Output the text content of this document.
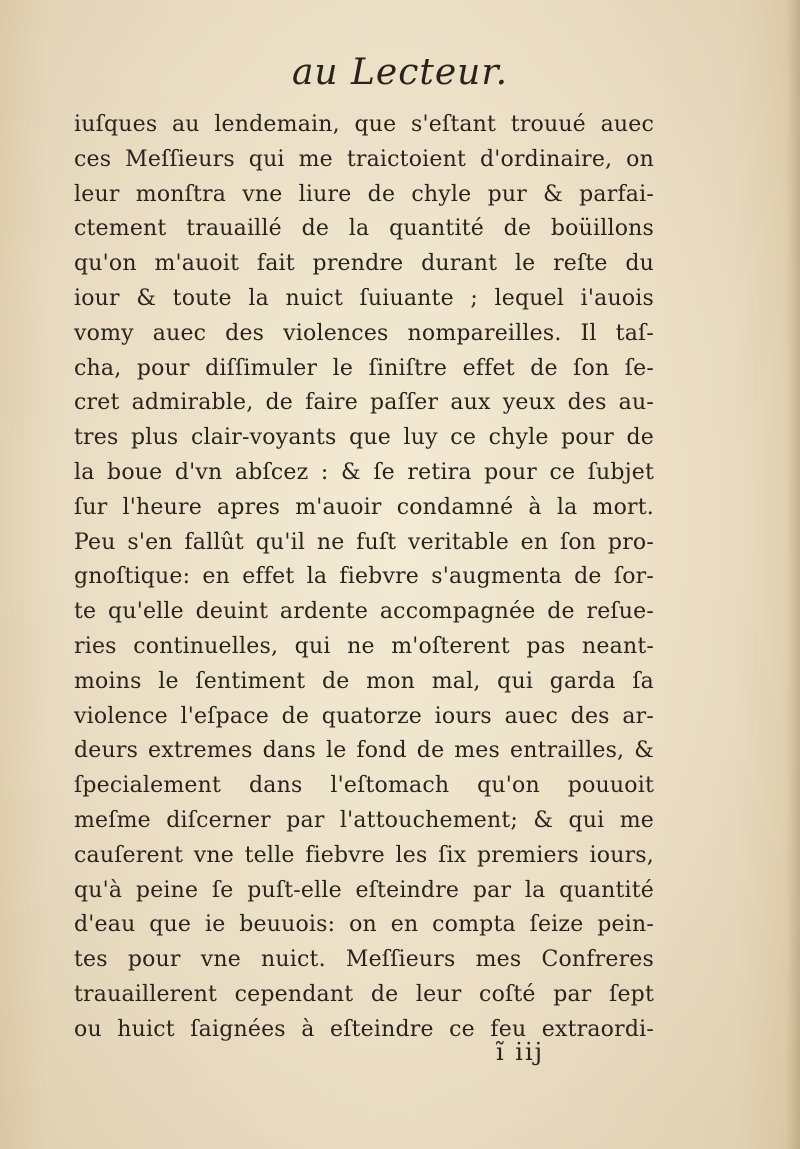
au Lecteur.
iuſques au lendemain, que s'eſtant trouué auec
ces Meſſieurs qui me traictoient d'ordinaire, on
leur monſtra vne liure de chyle pur & parfai-
ctement trauaillé de la quantité de boüillons
qu'on m'auoit fait prendre durant le reſte du
iour & toute la nuict ſuiuante ; lequel i'auois
vomy auec des violences nompareilles. Il taſ-
cha, pour diſſimuler le ſiniſtre effet de ſon ſe-
cret admirable, de faire paſſer aux yeux des au-
tres plus clair-voyants que luy ce chyle pour de
la boue d'vn abſcez : & ſe retira pour ce ſubjet
ſur l'heure apres m'auoir condamné à la mort.
Peu s'en fallût qu'il ne fuſt veritable en ſon pro-
gnoſtique: en effet la fiebvre s'augmenta de ſor-
te qu'elle deuint ardente accompagnée de reſue-
ries continuelles, qui ne m'oſterent pas neant-
moins le ſentiment de mon mal, qui garda ſa
violence l'eſpace de quatorze iours auec des ar-
deurs extremes dans le fond de mes entrailles, &
ſpecialement dans l'eſtomach qu'on pouuoit
meſme diſcerner par l'attouchement; & qui me
cauſerent vne telle fiebvre les ſix premiers iours,
qu'à peine ſe puſt-elle eſteindre par la quantité
d'eau que ie beuuois: on en compta ſeize pein-
tes pour vne nuict. Meſſieurs mes Confreres
trauaillerent cependant de leur coſté par ſept
ou huict ſaignées à eſteindre ce feu extraordi-
ĩ iij
